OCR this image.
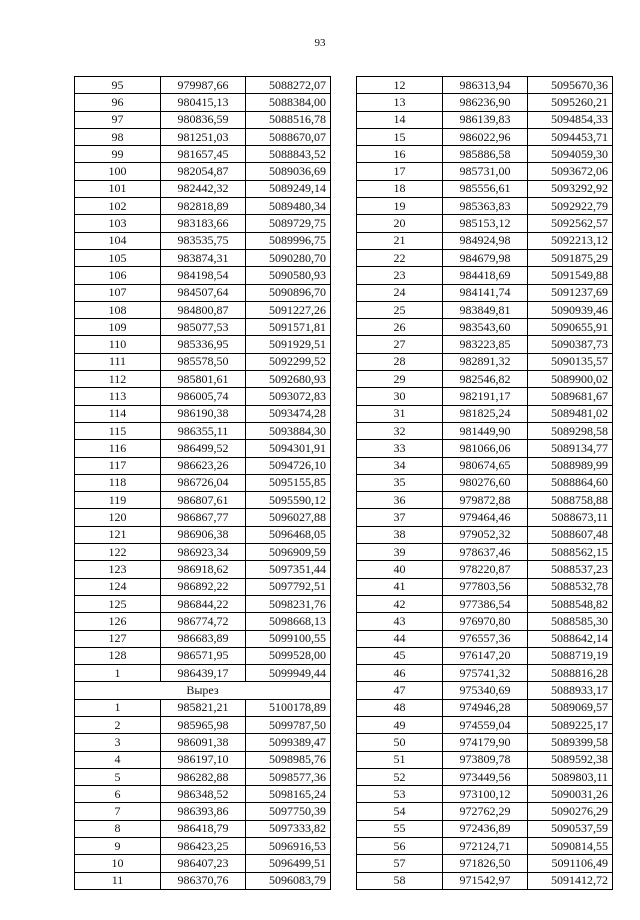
93
95	979987,66	5088272,07
96	980415,13	5088384,00
97	980836,59	5088516,78
98	981251,03	5088670,07
99	981657,45	5088843,52
100	982054,87	5089036,69
101	982442,32	5089249,14
102	982818,89	5089480,34
103	983183,66	5089729,75
104	983535,75	5089996,75
105	983874,31	5090280,70
106	984198,54	5090580,93
107	984507,64	5090896,70
108	984800,87	5091227,26
109	985077,53	5091571,81
110	985336,95	5091929,51
111	985578,50	5092299,52
112	985801,61	5092680,93
113	986005,74	5093072,83
114	986190,38	5093474,28
115	986355,11	5093884,30
116	986499,52	5094301,91
117	986623,26	5094726,10
118	986726,04	5095155,85
119	986807,61	5095590,12
120	986867,77	5096027,88
121	986906,38	5096468,05
122	986923,34	5096909,59
123	986918,62	5097351,44
124	986892,22	5097792,51
125	986844,22	5098231,76
126	986774,72	5098668,13
127	986683,89	5099100,55
128	986571,95	5099528,00
1	986439,17	5099949,44
Вырез		
1	985821,21	5100178,89
2	985965,98	5099787,50
3	986091,38	5099389,47
4	986197,10	5098985,76
5	986282,88	5098577,36
6	986348,52	5098165,24
7	986393,86	5097750,39
8	986418,79	5097333,82
9	986423,25	5096916,53
10	986407,23	5096499,51
11	986370,76	5096083,79
12	986313,94	5095670,36
13	986236,90	5095260,21
14	986139,83	5094854,33
15	986022,96	5094453,71
16	985886,58	5094059,30
17	985731,00	5093672,06
18	985556,61	5093292,92
19	985363,83	5092922,79
20	985153,12	5092562,57
21	984924,98	5092213,12
22	984679,98	5091875,29
23	984418,69	5091549,88
24	984141,74	5091237,69
25	983849,81	5090939,46
26	983543,60	5090655,91
27	983223,85	5090387,73
28	982891,32	5090135,57
29	982546,82	5089900,02
30	982191,17	5089681,67
31	981825,24	5089481,02
32	981449,90	5089298,58
33	981066,06	5089134,77
34	980674,65	5088989,99
35	980276,60	5088864,60
36	979872,88	5088758,88
37	979464,46	5088673,11
38	979052,32	5088607,48
39	978637,46	5088562,15
40	978220,87	5088537,23
41	977803,56	5088532,78
42	977386,54	5088548,82
43	976970,80	5088585,30
44	976557,36	5088642,14
45	976147,20	5088719,19
46	975741,32	5088816,28
47	975340,69	5088933,17
48	974946,28	5089069,57
49	974559,04	5089225,17
50	974179,90	5089399,58
51	973809,78	5089592,38
52	973449,56	5089803,11
53	973100,12	5090031,26
54	972762,29	5090276,29
55	972436,89	5090537,59
56	972124,71	5090814,55
57	971826,50	5091106,49
58	971542,97	5091412,72
